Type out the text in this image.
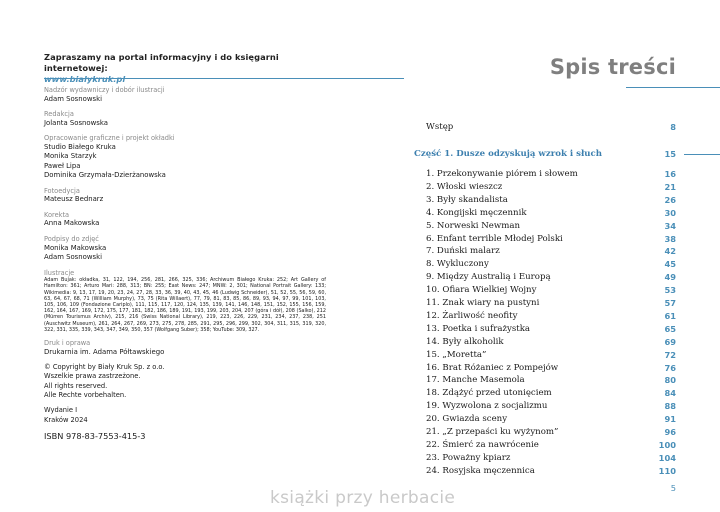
Zapraszamy na portal informacyjny i do księgarni internetowej:
Nadzór wydawniczy i dobór ilustracji
Adam Sosnowski
Redakcja
Jolanta Sosnowska
Opracowanie graficzne i projekt okładki
Studio Białego Kruka
Monika Starzyk
Paweł Lipa
Dominika Grzymała-Dzierżanowska
Fotoedycja
Mateusz Bednarz
Korekta
Anna Makowska
Podpisy do zdjęć
Monika Makowska
Adam Sosnowski
Ilustracje
Adam Bujak: okładka, 31, 122, 194, 256, 281, 266, 325, 336; Archiwum Białego Kruka: 252; Art Gallery of Hamilton: 361; Arturo Mari: 288, 313; BN: 255; East News: 247; MNW: 2, 301; National Portrait Gallery: 133; Wikimedia: 9, 13, 17, 19, 20, 23, 24, 27, 28, 33, 36, 39, 40, 43, 45, 46 (Ludwig Schneider), 51, 52, 55, 56, 59, 60, 63, 64, 67, 68, 71 (William Murphy), 73, 75 (Rita Willaert), 77, 79, 81, 83, 85, 86, 89, 93, 94, 97, 99, 101, 103, 105, 106, 109 (Fondazione Cariplo), 111, 115, 117, 120, 124, 135, 139, 141, 146, 148, 151, 152, 155, 156, 159, 162, 164, 167, 169, 172, 175, 177, 181, 182, 186, 189, 191, 193, 199, 203, 204, 207 (góra i dół), 208 (Salko), 212 (Mürren Tourismus Archiv), 215, 216 (Swiss National Library), 219, 223, 226, 229, 231, 234, 237, 238, 251 (Auschwitz Museum), 261, 264, 267, 269, 273, 275, 278, 285, 291, 295, 296, 299, 302, 304, 311, 315, 319, 320, 322, 331, 335, 339, 343, 347, 349, 350, 357 (Wolfgang Suber); 358; YouTube: 309, 327.
Druk i oprawa
Drukarnia im. Adama Półtawskiego
© Copyright by Biały Kruk Sp. z o.o.
Wszelkie prawa zastrzeżone.
All rights reserved.
Alle Rechte vorbehalten.
Wydanie I
Kraków 2024
ISBN 978-83-7553-415-3
Spis treści
Wstęp	8
Część 1. Dusze odzyskują wzrok i słuch	15
1. Przekonywanie piórem i słowem	16
2. Włoski wieszcz	21
3. Były skandalista	26
4. Kongijski męczennik	30
5. Norweski Newman	34
6. Enfant terrible Młodej Polski	38
7. Duński malarz	42
8. Wykluczony	45
9. Między Australią i Europą	49
10. Ofiara Wielkiej Wojny	53
11. Znak wiary na pustyni	57
12. Żarliwość neofity	61
13. Poetka i sufrażystka	65
14. Były alkoholik	69
15. „Moretta”	72
16. Brat Różaniec z Pompejów	76
17. Manche Masemola	80
18. Zdążyć przed utonięciem	84
19. Wyzwolona z socjalizmu	88
20. Gwiazda sceny	91
21. „Z przepaści ku wyżynom”	96
22. Śmierć za nawrócenie	100
23. Poważny kpiarz	104
24. Rosyjska męczennica	110
5
książki przy herbacie
